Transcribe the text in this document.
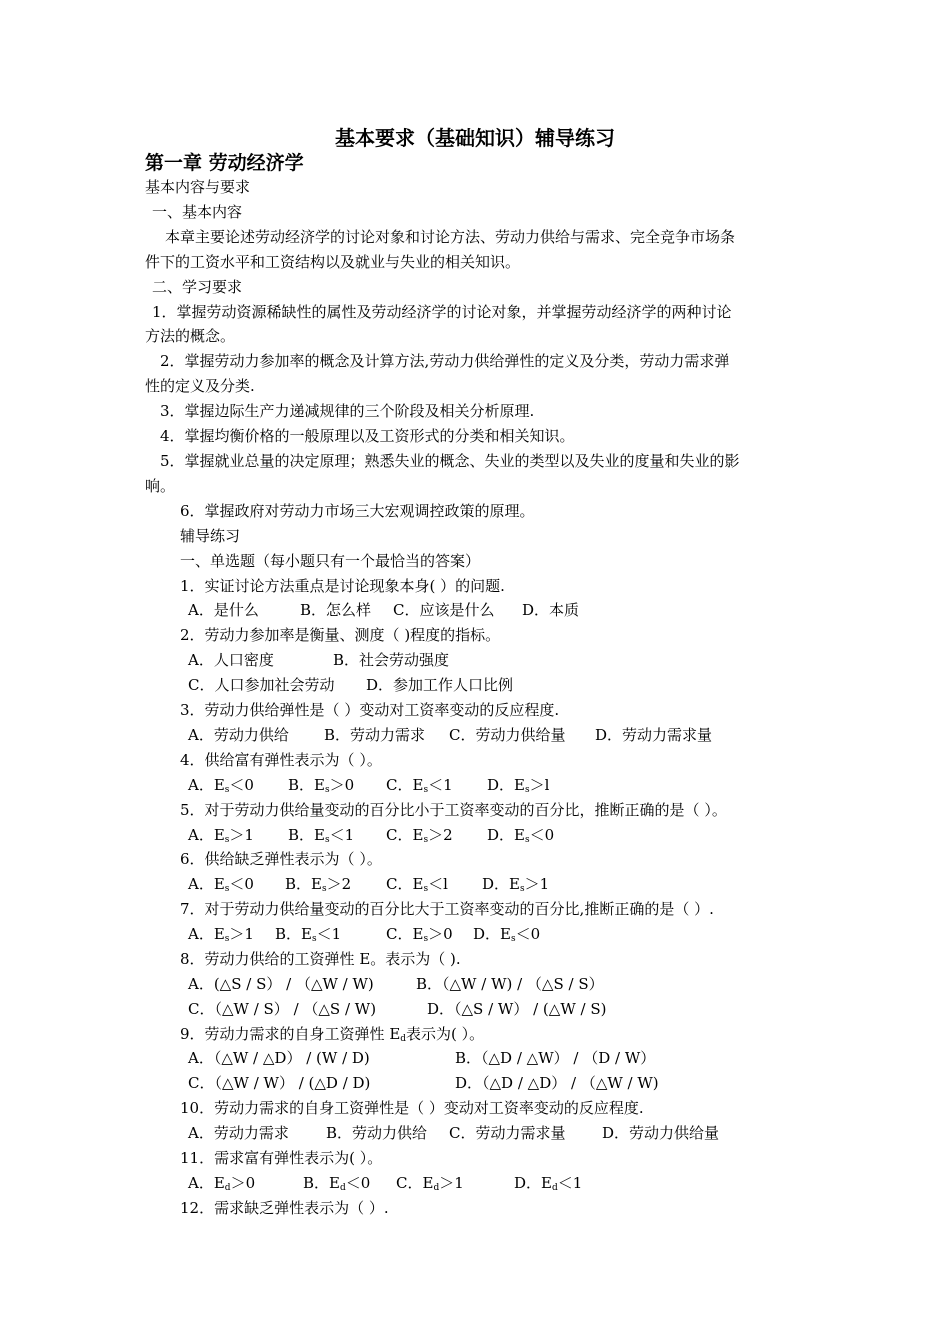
基本要求（基础知识）辅导练习
第一章 劳动经济学
基本内容与要求
一、基本内容
本章主要论述劳动经济学的讨论对象和讨论方法、劳动力供给与需求、完全竞争市场条
件下的工资水平和工资结构以及就业与失业的相关知识。
二、学习要求
1．掌握劳动资源稀缺性的属性及劳动经济学的讨论对象，并掌握劳动经济学的两种讨论
方法的概念。
2．掌握劳动力参加率的概念及计算方法,劳动力供给弹性的定义及分类，劳动力需求弹
性的定义及分类.
3．掌握边际生产力递减规律的三个阶段及相关分析原理.
4．掌握均衡价格的一般原理以及工资形式的分类和相关知识。
5．掌握就业总量的决定原理；熟悉失业的概念、失业的类型以及失业的度量和失业的影
响。
6．掌握政府对劳动力市场三大宏观调控政策的原理。
辅导练习
一、单选题（每小题只有一个最恰当的答案）
1．实证讨论方法重点是讨论现象本身( ）的问题.
A．是什么	B．怎么样 C．应该是什么 D．本质
2．劳动力参加率是衡量、测度（ )程度的指标。
A．人口密度	B．社会劳动强度
C．人口参加社会劳动 D．参加工作人口比例
3．劳动力供给弹性是（ ）变动对工资率变动的反应程度.
A．劳动力供给 B．劳动力需求 C．劳动力供给量 D．劳动力需求量
4．供给富有弹性表示为（ ）。
A．$E_s<0$ B．$E_s>0$ C．$E_s<1$ D．$E_s>l$
5．对于劳动力供给量变动的百分比小于工资率变动的百分比，推断正确的是（ ）。
A．$E_s>1$ B．$E_s<1$ C．$E_s>2$ D．$E_s<0$
6．供给缺乏弹性表示为（ ）。
A．$E_s<0$ B．$E_s>2$ C．$E_s<l$ D．$E_s>1$
7．对于劳动力供给量变动的百分比大于工资率变动的百分比,推断正确的是（ ）.
A．$E_s>1$ B．$E_s<1$	C．$E_s>0$ D．$E_s<0$
8．劳动力供给的工资弹性 E。表示为（ ).
A．(△S / S） / （△W / W)	B．（△W / W) / （△S / S）
C．（△W / S） / （△S / W)	D．（△S / W） / (△W / S)
9．劳动力需求的自身工资弹性 $E_d$表示为( ）。
A．（△W / △D） / (W / D)	B．（△D / △W） / （D / W）
C．（△W / W） / (△D / D)	D．（△D / △D） / （△W / W)
10．劳动力需求的自身工资弹性是（ ）变动对工资率变动的反应程度.
A．劳动力需求 B．劳动力供给 C．劳动力需求量 D．劳动力供给量
11．需求富有弹性表示为( ）。
A．$E_d>0$	B．$E_d<0$ C．$E_d>1$	D．$E_d<1$
12．需求缺乏弹性表示为（ ）.
